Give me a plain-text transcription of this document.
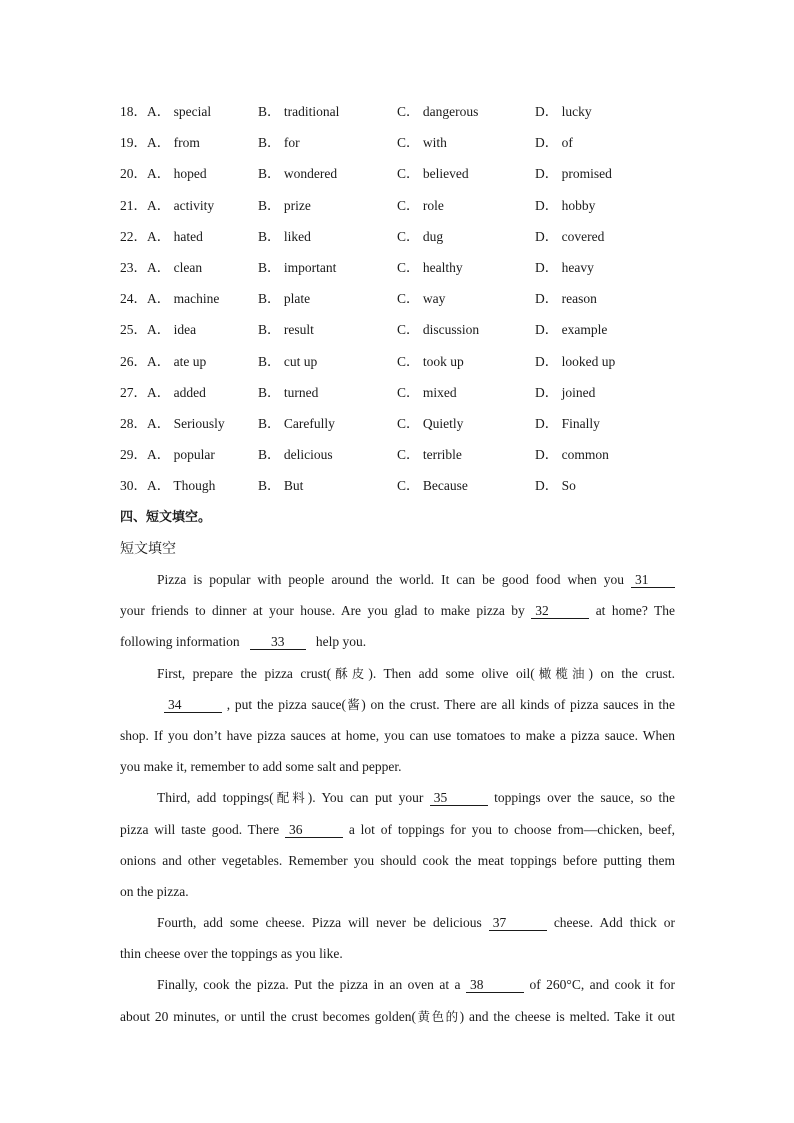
18．A． special	B． traditional	C． dangerous	D． lucky
19．A． from	B． for	C． with	D． of
20．A． hoped	B． wondered	C． believed	D． promised
21．A． activity	B． prize	C． role	D． hobby
22．A． hated	B． liked	C． dug	D． covered
23．A． clean	B． important	C． healthy	D． heavy
24．A． machine	B． plate	C． way	D． reason
25．A． idea	B． result	C． discussion	D． example
26．A． ate up	B． cut up	C． took up	D． looked up
27．A． added	B． turned	C． mixed	D． joined
28．A． Seriously B． Carefully	C． Quietly	D． Finally
29．A． popular	B． delicious	C． terrible	D． common
30．A． Though	B． But	C． Because	D． So
四、短文填空。
短文填空
Pizza is popular with people around the world. It can be good food when you 31
your friends to dinner at your house. Are you glad to make pizza by 32	at home? The
following information 33 help you.
First, prepare the pizza crust(酥皮). Then add some olive oil(橄榄油) on the crust.
34	, put the pizza sauce(酱) on the crust. There are all kinds of pizza sauces in the
shop. If you don’t have pizza sauces at home, you can use tomatoes to make a pizza sauce. When
you make it, remember to add some salt and pepper.
Third, add toppings(配料). You can put your 35	toppings over the sauce, so the
pizza will taste good. There 36	a lot of toppings for you to choose from—chicken, beef,
onions and other vegetables. Remember you should cook the meat toppings before putting them
on the pizza.
Fourth, add some cheese. Pizza will never be delicious 37	cheese. Add thick or
thin cheese over the toppings as you like.
Finally, cook the pizza. Put the pizza in an oven at a 38	of 260°C, and cook it for
about 20 minutes, or until the crust becomes golden(黄色的) and the cheese is melted. Take it out
